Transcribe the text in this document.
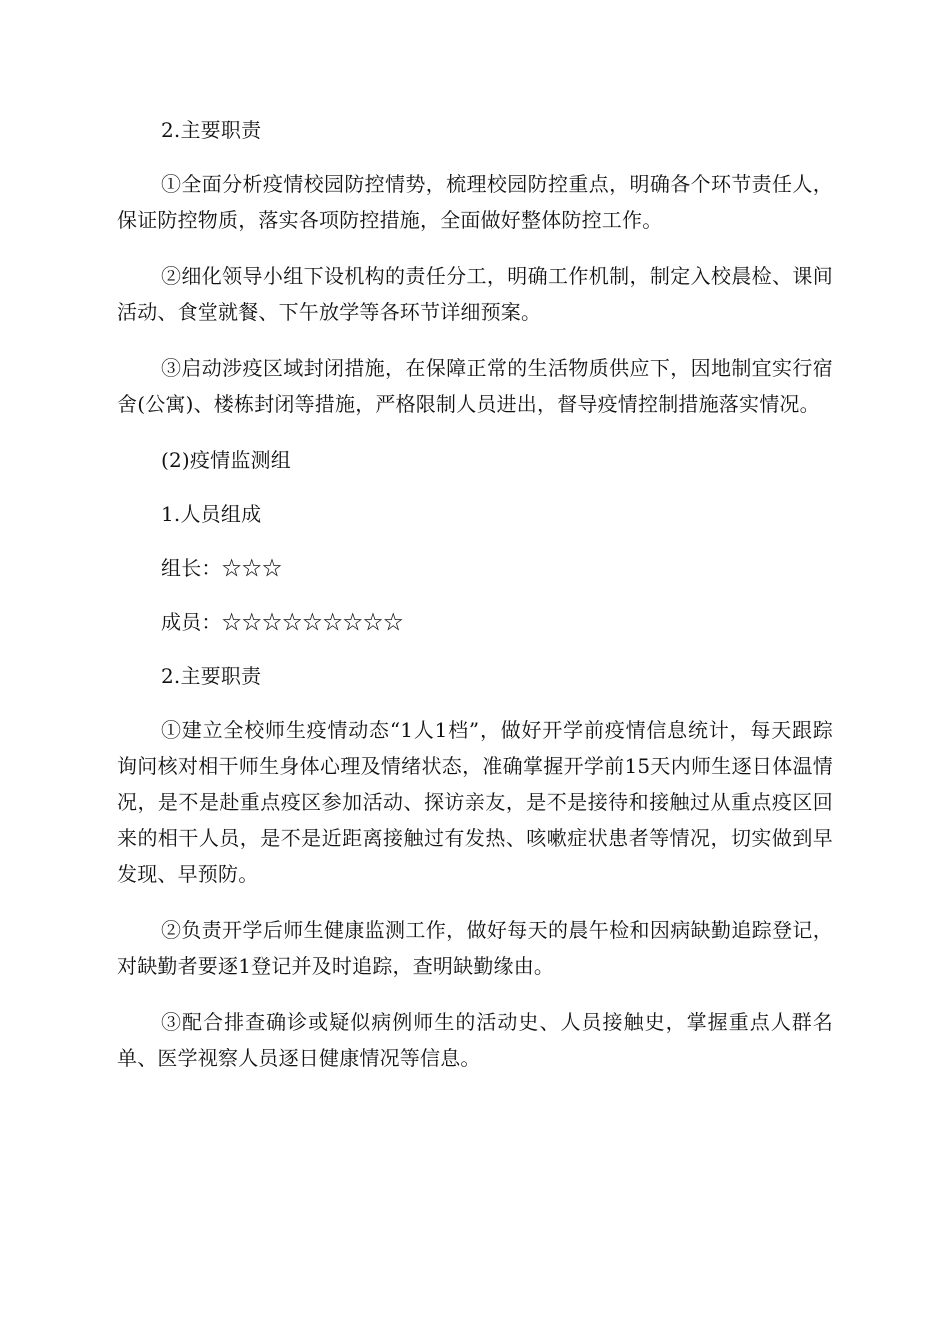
2.主要职责

①全面分析疫情校园防控情势，梳理校园防控重点，明确各个环节责任人，保证防控物质，落实各项防控措施，全面做好整体防控工作。

②细化领导小组下设机构的责任分工，明确工作机制，制定入校晨检、课间活动、食堂就餐、下午放学等各环节详细预案。

③启动涉疫区域封闭措施，在保障正常的生活物质供应下，因地制宜实行宿舍(公寓)、楼栋封闭等措施，严格限制人员进出，督导疫情控制措施落实情况。

(2)疫情监测组

1.人员组成

组长：☆☆☆

成员：☆☆☆☆☆☆☆☆☆

2.主要职责

①建立全校师生疫情动态“1人1档”，做好开学前疫情信息统计，每天跟踪询问核对相干师生身体心理及情绪状态，准确掌握开学前15天内师生逐日体温情况，是不是赴重点疫区参加活动、探访亲友，是不是接待和接触过从重点疫区回来的相干人员，是不是近距离接触过有发热、咳嗽症状患者等情况，切实做到早发现、早预防。

②负责开学后师生健康监测工作，做好每天的晨午检和因病缺勤追踪登记，对缺勤者要逐1登记并及时追踪，查明缺勤缘由。

③配合排查确诊或疑似病例师生的活动史、人员接触史，掌握重点人群名单、医学视察人员逐日健康情况等信息。
